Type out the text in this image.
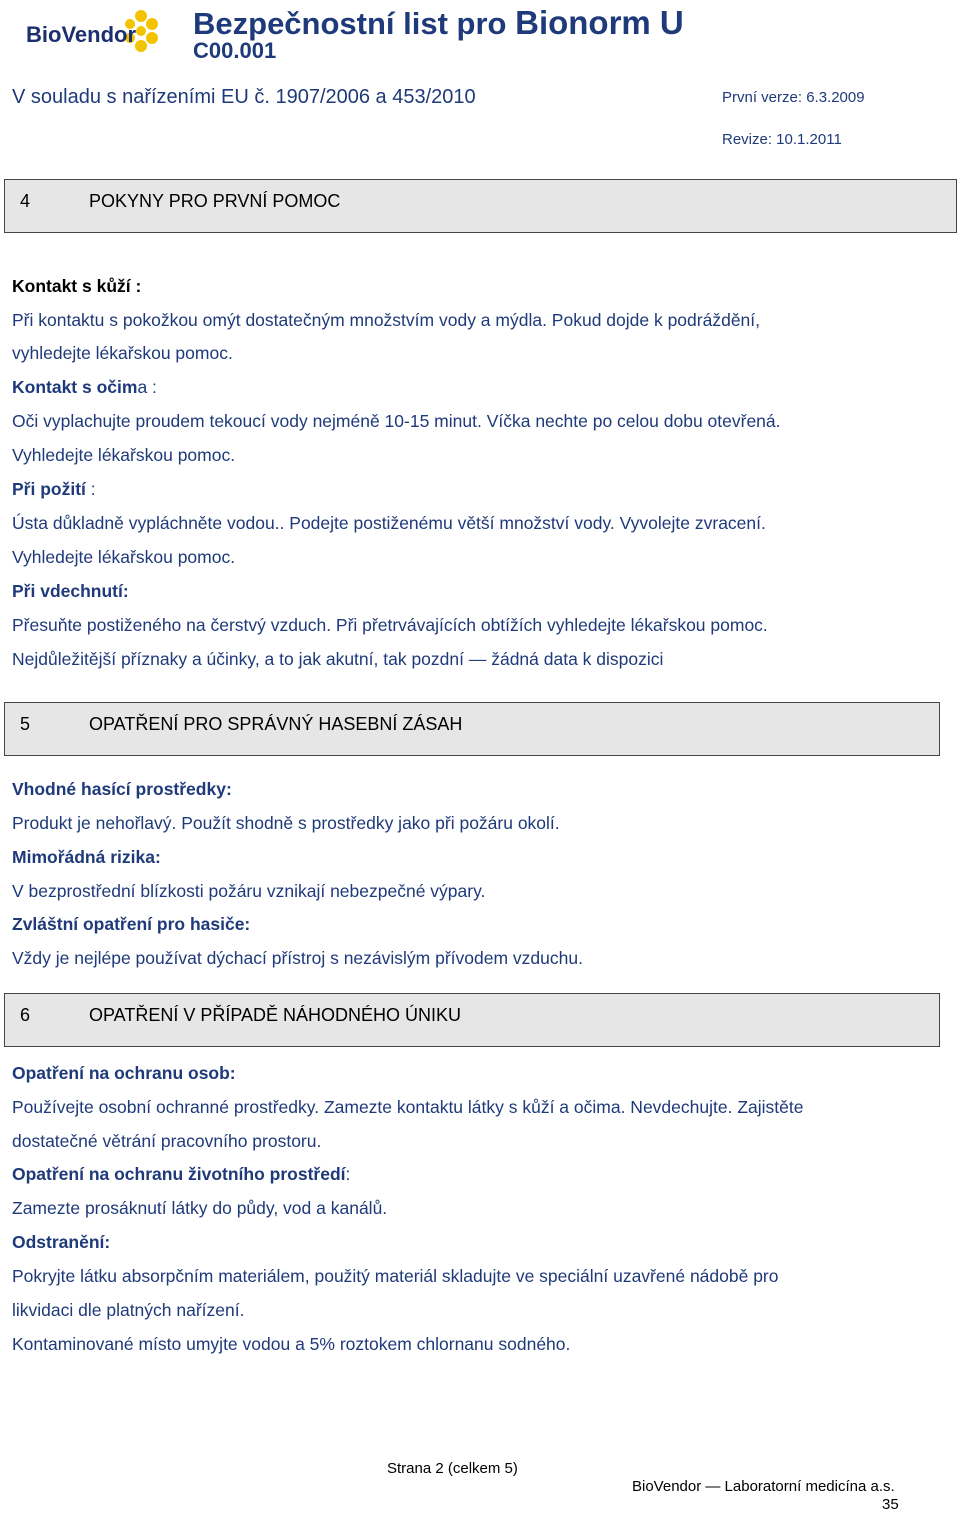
BioVendor Bezpečnostní list pro Bionorm U
C00.001
V souladu s nařízeními EU č. 1907/2006 a 453/2010	První verze: 6.3.2009
Revize: 10.1.2011
4	POKYNY PRO PRVNÍ POMOC
Kontakt s kůží :
Při kontaktu s pokožkou omýt dostatečným množstvím vody a mýdla. Pokud dojde k podráždění,
vyhledejte lékařskou pomoc.
Kontakt s očima :
Oči vyplachujte proudem tekoucí vody nejméně 10-15 minut. Víčka nechte po celou dobu otevřená.
Vyhledejte lékařskou pomoc.
Při požití :
Ústa důkladně vypláchněte vodou.. Podejte postiženému větší množství vody. Vyvolejte zvracení.
Vyhledejte lékařskou pomoc.
Při vdechnutí:
Přesuňte postiženého na čerstvý vzduch. Při přetrvávajících obtížích vyhledejte lékařskou pomoc.
Nejdůležitější příznaky a účinky, a to jak akutní, tak pozdní — žádná data k dispozici
5	OPATŘENÍ PRO SPRÁVNÝ HASEBNÍ ZÁSAH
Vhodné hasící prostředky:
Produkt je nehořlavý. Použít shodně s prostředky jako při požáru okolí.
Mimořádná rizika:
V bezprostřední blízkosti požáru vznikají nebezpečné výpary.
Zvláštní opatření pro hasiče:
Vždy je nejlépe používat dýchací přístroj s nezávislým přívodem vzduchu.
6	OPATŘENÍ V PŘÍPADĚ NÁHODNÉHO ÚNIKU
Opatření na ochranu osob:
Používejte osobní ochranné prostředky. Zamezte kontaktu látky s kůží a očima. Nevdechujte. Zajistěte
dostatečné větrání pracovního prostoru.
Opatření na ochranu životního prostředí:
Zamezte prosáknutí látky do půdy, vod a kanálů.
Odstranění:
Pokryjte látku absorpčním materiálem, použitý materiál skladujte ve speciální uzavřené nádobě pro
likvidaci dle platných nařízení.
Kontaminované místo umyjte vodou a 5% roztokem chlornanu sodného.
Strana 2 (celkem 5)
BioVendor — Laboratorní medicína a.s.
35
